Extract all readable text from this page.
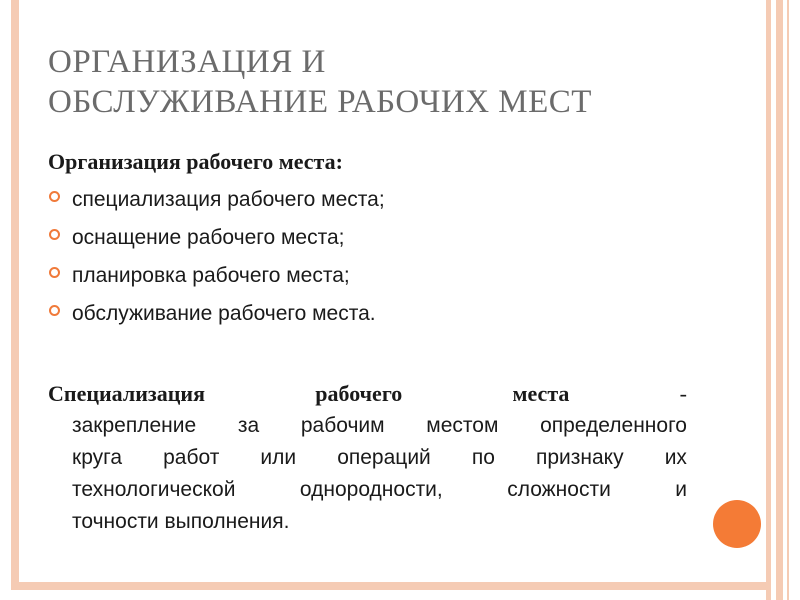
ОРГАНИЗАЦИЯ И
ОБСЛУЖИВАНИЕ РАБОЧИХ МЕСТ
Организация рабочего места:
специализация рабочего места;
оснащение рабочего места;
планировка рабочего места;
обслуживание рабочего места.
Специализация	рабочего	места	-
закрепление за рабочим местом определенного
круга работ или операций по признаку их
технологической	однородности,	сложности	и
точности выполнения.
